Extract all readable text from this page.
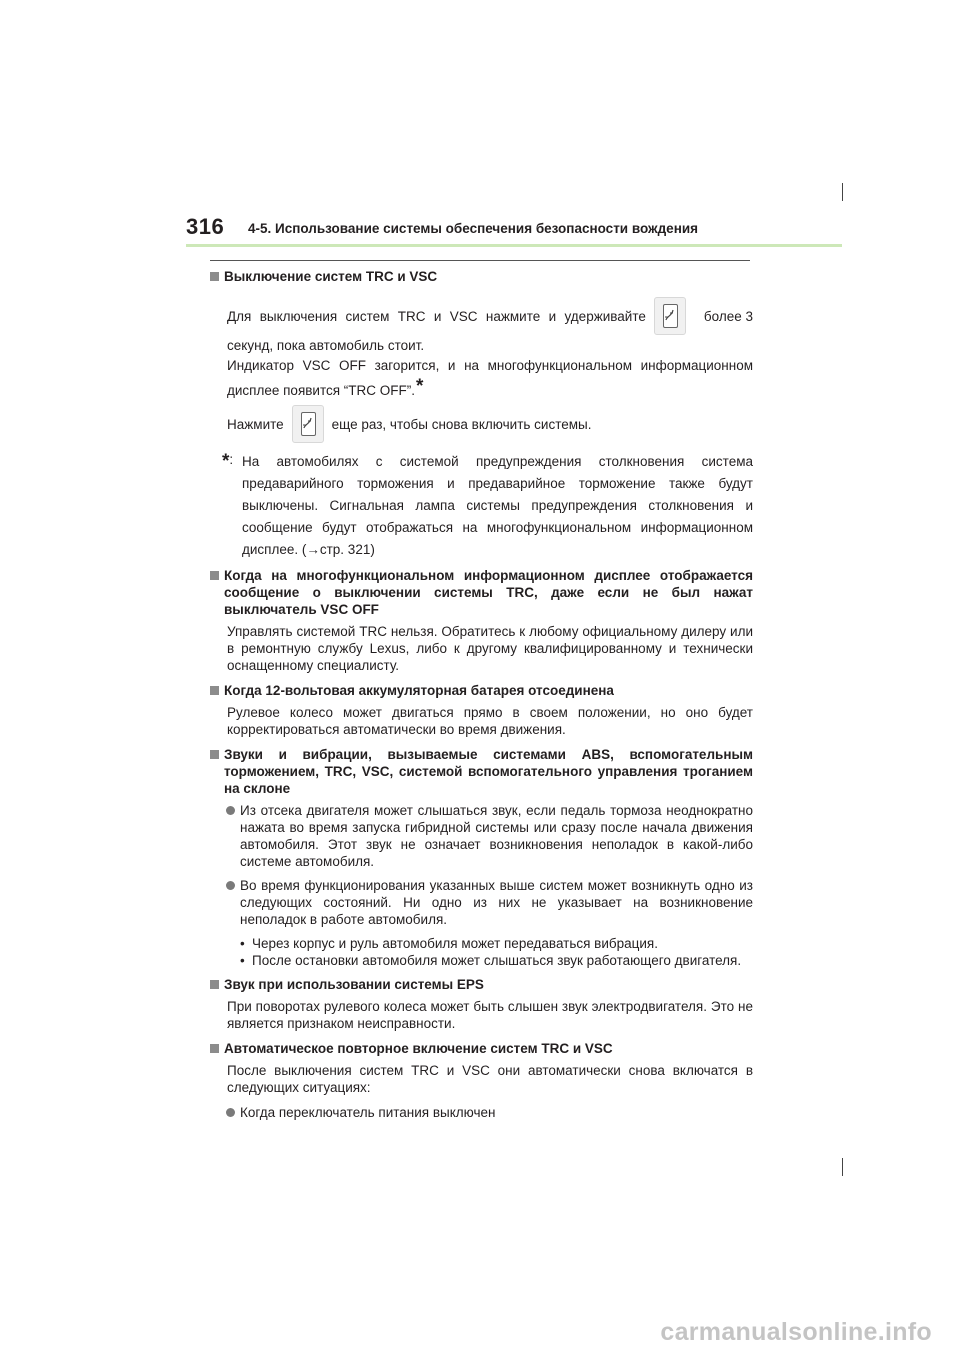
316 4-5. Использование системы обеспечения безопасности вождения
Выключение систем TRC и VSC
Для выключения систем TRC и VSC нажмите и удерживайте	более 3
секунд, пока автомобиль стоит.
Индикатор VSC OFF загорится, и на многофункциональном информационном
дисплее появится “TRC OFF”.*
Нажмите	еще раз, чтобы снова включить системы.
*: На автомобилях с системой предупреждения столкновения система предаварийного торможения и предаварийное торможение также будут выключены. Сигнальная лампа системы предупреждения столкновения и сообщение будут отображаться на многофункциональном информационном дисплее. (→стр. 321)
Когда на многофункциональном информационном дисплее отображается сообщение о выключении системы TRC, даже если не был нажат выключатель VSC OFF
Управлять системой TRC нельзя. Обратитесь к любому официальному дилеру или в ремонтную службу Lexus, либо к другому квалифицированному и технически оснащенному специалисту.
Когда 12-вольтовая аккумуляторная батарея отсоединена
Рулевое колесо может двигаться прямо в своем положении, но оно будет корректироваться автоматически во время движения.
Звуки и вибрации, вызываемые системами ABS, вспомогательным торможением, TRC, VSC, системой вспомогательного управления троганием на склоне
Из отсека двигателя может слышаться звук, если педаль тормоза неоднократно нажата во время запуска гибридной системы или сразу после начала движения автомобиля. Этот звук не означает возникновения неполадок в какой-либо системе автомобиля.
Во время функционирования указанных выше систем может возникнуть одно из следующих состояний. Ни одно из них не указывает на возникновение неполадок в работе автомобиля.
• Через корпус и руль автомобиля может передаваться вибрация.
• После остановки автомобиля может слышаться звук работающего двигателя.
Звук при использовании системы EPS
При поворотах рулевого колеса может быть слышен звук электродвигателя. Это не является признаком неисправности.
Автоматическое повторное включение систем TRC и VSC
После выключения систем TRC и VSC они автоматически снова включатся в следующих ситуациях:
Когда переключатель питания выключен
carmanualsonline.info
